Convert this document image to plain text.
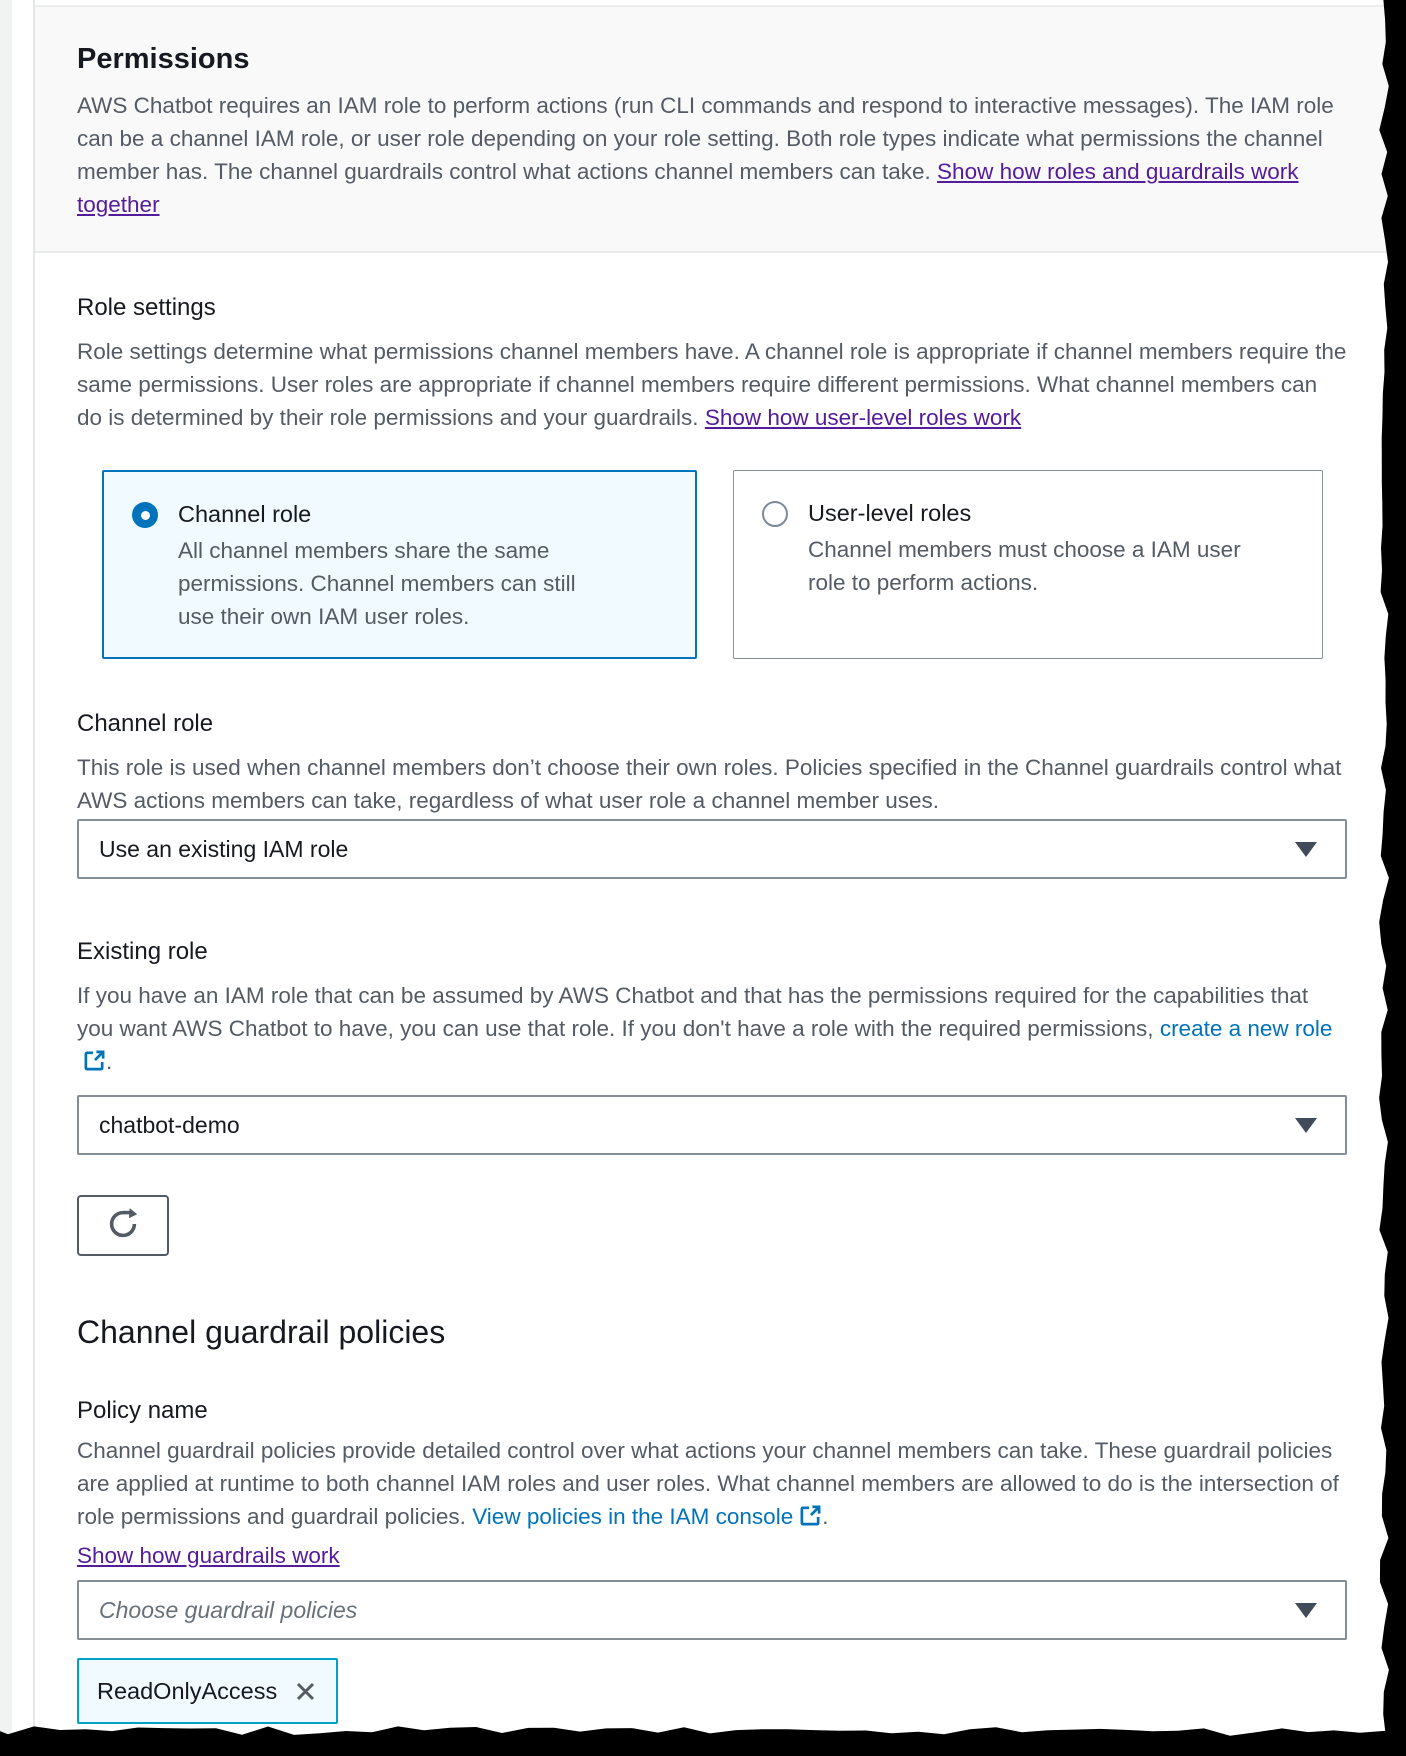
Permissions

AWS Chatbot requires an IAM role to perform actions (run CLI commands and respond to interactive messages). The IAM role can be a channel IAM role, or user role depending on your role setting. Both role types indicate what permissions the channel member has. The channel guardrails control what actions channel members can take. Show how roles and guardrails work together

Role settings

Role settings determine what permissions channel members have. A channel role is appropriate if channel members require the same permissions. User roles are appropriate if channel members require different permissions. What channel members can do is determined by their role permissions and your guardrails. Show how user-level roles work

Channel role
All channel members share the same permissions. Channel members can still use their own IAM user roles.
User-level roles
Channel members must choose a IAM user role to perform actions.
Channel role

This role is used when channel members don’t choose their own roles. Policies specified in the Channel guardrails control what AWS actions members can take, regardless of what user role a channel member uses.

Use an existing IAM role
Existing role

If you have an IAM role that can be assumed by AWS Chatbot and that has the permissions required for the capabilities that you want AWS Chatbot to have, you can use that role. If you don't have a role with the required permissions, create a new role.

chatbot-demo
Channel guardrail policies
Policy name

Channel guardrail policies provide detailed control over what actions your channel members can take. These guardrail policies are applied at runtime to both channel IAM roles and user roles. What channel members are allowed to do is the intersection of role permissions and guardrail policies. View policies in the IAM console .

Show how guardrails work

Choose guardrail policies
ReadOnlyAccess
